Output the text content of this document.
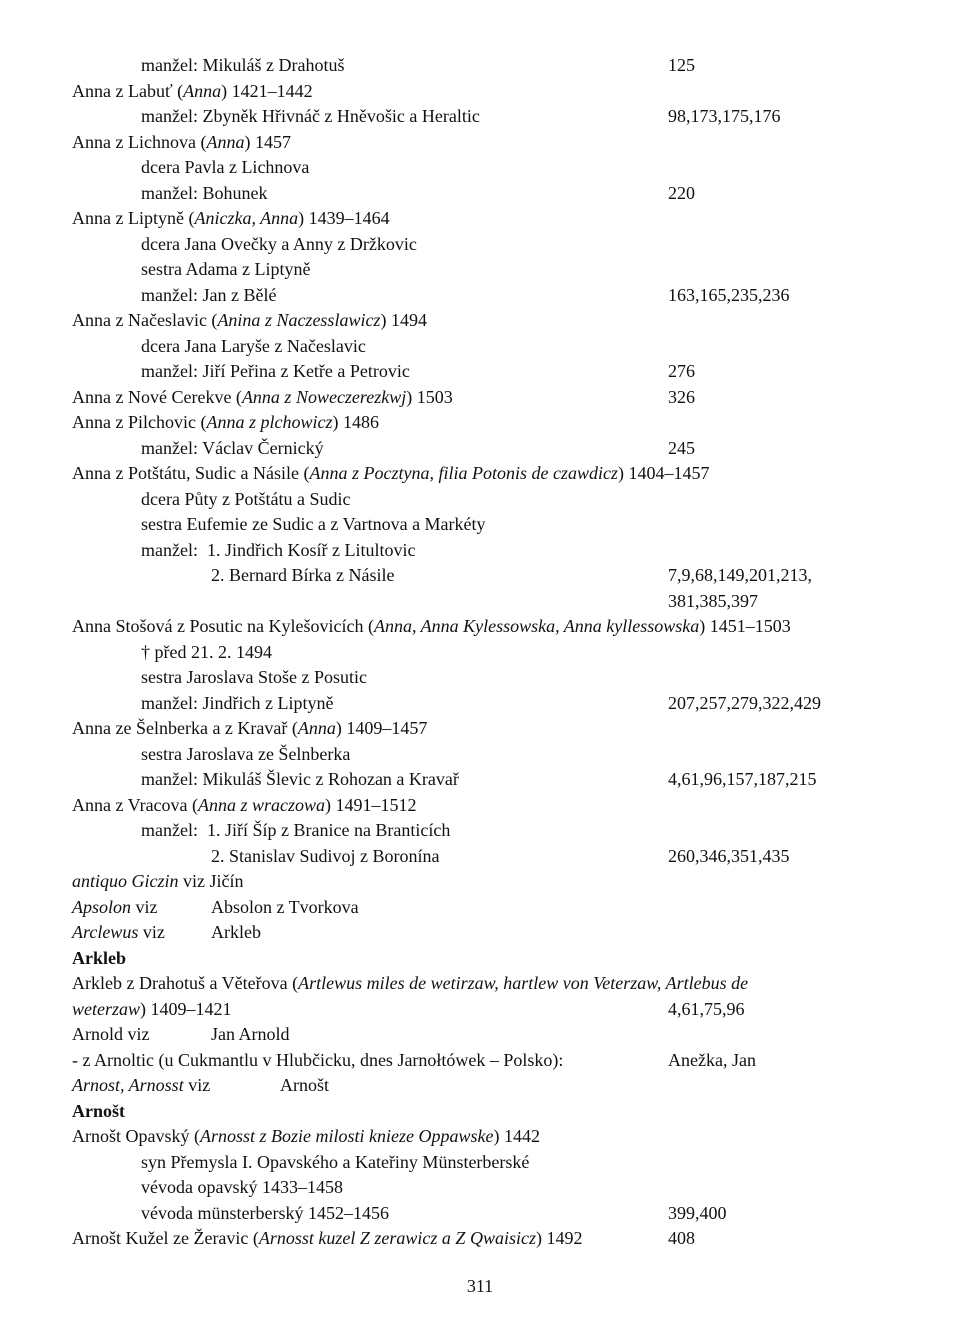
manžel: Mikuláš z Drahotuš	125
Anna z Labuť (Anna) 1421–1442
manžel: Zbyněk Hřivnáč z Hněvošic a Heraltic	98,173,175,176
Anna z Lichnova (Anna) 1457
dcera Pavla z Lichnova
manžel: Bohunek	220
Anna z Liptyně (Aniczka, Anna) 1439–1464
dcera Jana Ovečky a Anny z Držkovic
sestra Adama z Liptyně
manžel: Jan z Bělé	163,165,235,236
Anna z Načeslavic (Anina z Naczesslawicz) 1494
dcera Jana Laryše z Načeslavic
manžel: Jiří Peřina z Ketře a Petrovic	276
Anna z Nové Cerekve (Anna z Noweczerezkwj) 1503	326
Anna z Pilchovic (Anna z plchowicz) 1486
manžel: Václav Černický	245
Anna z Potštátu, Sudic a Násile (Anna z Pocztyna, filia Potonis de czawdicz) 1404–1457
dcera Půty z Potštátu a Sudic
sestra Eufemie ze Sudic a z Vartnova a Markéty
manžel:  1. Jindřich Kosíř z Litultovic
2. Bernard Bírka z Násile	7,9,68,149,201,213,
381,385,397
Anna Stošová z Posutic na Kylešovicích (Anna, Anna Kylessowska, Anna kyllessowska) 1451–1503
† před 21. 2. 1494
sestra Jaroslava Stoše z Posutic
manžel: Jindřich z Liptyně	207,257,279,322,429
Anna ze Šelnberka a z Kravař (Anna) 1409–1457
sestra Jaroslava ze Šelnberka
manžel: Mikuláš Šlevic z Rohozan a Kravař	4,61,96,157,187,215
Anna z Vracova (Anna z wraczowa) 1491–1512
manžel:  1. Jiří Šíp z Branice na Branticích
2. Stanislav Sudivoj z Boronína	260,346,351,435
antiquo Giczin viz Jičín
Apsolon viz	Absolon z Tvorkova
Arclewus viz	Arkleb
Arkleb
Arkleb z Drahotuš a Věteřova (Artlewus miles de wetirzaw, hartlew von Veterzaw, Artlebus de
weterzaw) 1409–1421	4,61,75,96
Arnold viz	Jan Arnold
- z Arnoltic (u Cukmantlu v Hlubčicku, dnes Jarnołtówek – Polsko):	Anežka, Jan
Arnost, Arnosst viz	Arnošt
Arnošt
Arnošt Opavský (Arnosst z Bozie milosti knieze Oppawske) 1442
syn Přemysla I. Opavského a Kateřiny Münsterberské
vévoda opavský 1433–1458
vévoda münsterberský 1452–1456	399,400
Arnošt Kužel ze Žeravic (Arnosst kuzel Z zerawicz a Z Qwaisicz) 1492	408
311
